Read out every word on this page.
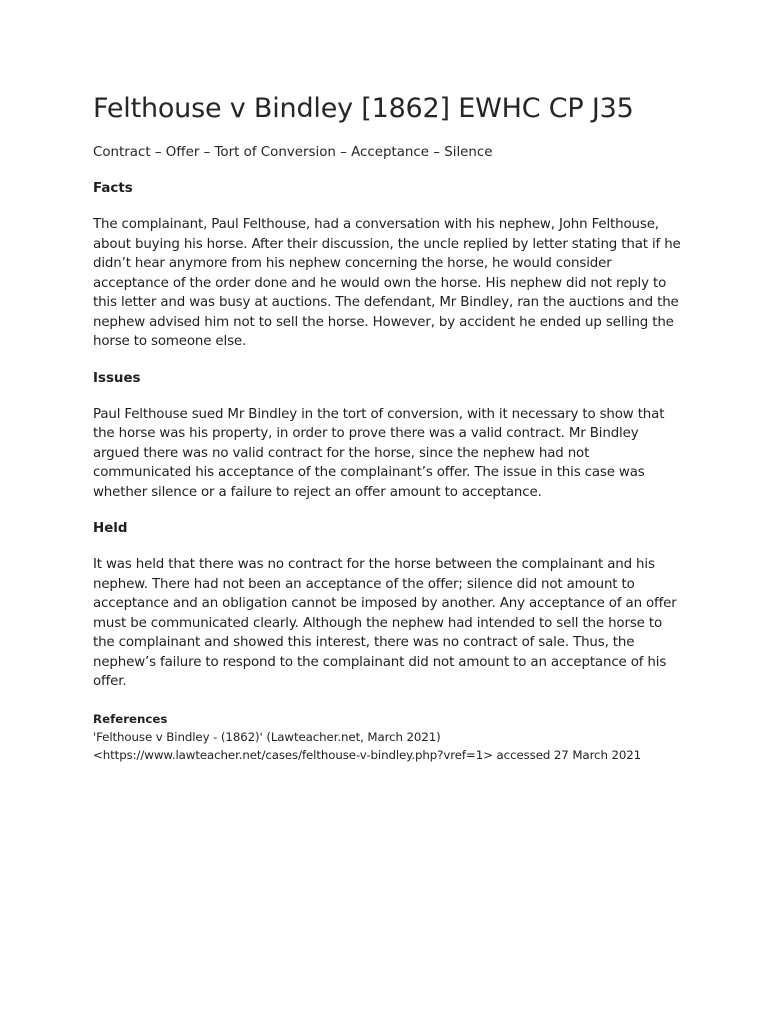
Felthouse v Bindley [1862] EWHC CP J35

Contract – Offer – Tort of Conversion – Acceptance – Silence

Facts

The complainant, Paul Felthouse, had a conversation with his nephew, John Felthouse, about buying his horse. After their discussion, the uncle replied by letter stating that if he didn’t hear anymore from his nephew concerning the horse, he would consider acceptance of the order done and he would own the horse. His nephew did not reply to this letter and was busy at auctions. The defendant, Mr Bindley, ran the auctions and the nephew advised him not to sell the horse. However, by accident he ended up selling the horse to someone else.

Issues

Paul Felthouse sued Mr Bindley in the tort of conversion, with it necessary to show that the horse was his property, in order to prove there was a valid contract. Mr Bindley argued there was no valid contract for the horse, since the nephew had not communicated his acceptance of the complainant’s offer. The issue in this case was whether silence or a failure to reject an offer amount to acceptance.

Held

It was held that there was no contract for the horse between the complainant and his nephew. There had not been an acceptance of the offer; silence did not amount to acceptance and an obligation cannot be imposed by another. Any acceptance of an offer must be communicated clearly. Although the nephew had intended to sell the horse to the complainant and showed this interest, there was no contract of sale. Thus, the nephew’s failure to respond to the complainant did not amount to an acceptance of his offer.

References
'Felthouse v Bindley - (1862)' (Lawteacher.net, March 2021) <https://www.lawteacher.net/cases/felthouse-v-bindley.php?vref=1> accessed 27 March 2021
